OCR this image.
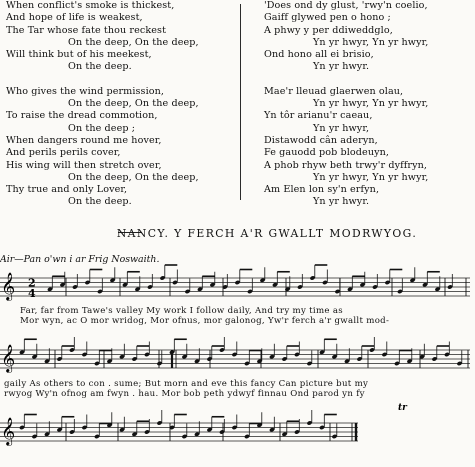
When conflict's smoke is thickest,
And hope of life is weakest,
The Tar whose fate thou reckest
On the deep, On the deep,
Will think but of his meekest,
On the deep.
Who gives the wind permission,
On the deep, On the deep,
To raise the dread commotion,
On the deep ;
When dangers round me hover,
And perils perils cover,
His wing will then stretch over,
On the deep, On the deep,
Thy true and only Lover,
On the deep.
'Does ond dy glust, 'rwy'n coelio,
Gaiff glywed pen o hono ;
A phwy y per ddiweddglo,
Yn yr hwyr, Yn yr hwyr,
Ond hono all ei brisio,
Yn yr hwyr.
Mae'r lleuad glaerwen olau,
Yn yr hwyr, Yn yr hwyr,
Yn tôr arianu'r caeau,
Yn yr hwyr,
Distawodd cân aderyn,
Fe gauodd pob blodeuyn,
A phob rhyw beth trwy'r dyffryn,
Yn yr hwyr, Yn yr hwyr,
Am Elen lon sy'n erfyn,
Yn yr hwyr.
NANCY. Y FERCH A'R GWALLT MODRWYOG.
Air—Pan o'wn i ar Frig Noswaith.
𝄞
𝄞
𝄞
2
4
tr
Far, far from Tawe's valley My work I follow daily, And try my time as
Mor wyn, ac O mor wridog, Mor ofnus, mor galonog, Yw'r ferch a'r gwallt mod-
gaily As others to con . sume; But morn and eve this fancy Can picture but my
rwyog Wy'n ofnog am fwyn . hau. Mor bob peth ydwyf finnau Ond parod yn fy
